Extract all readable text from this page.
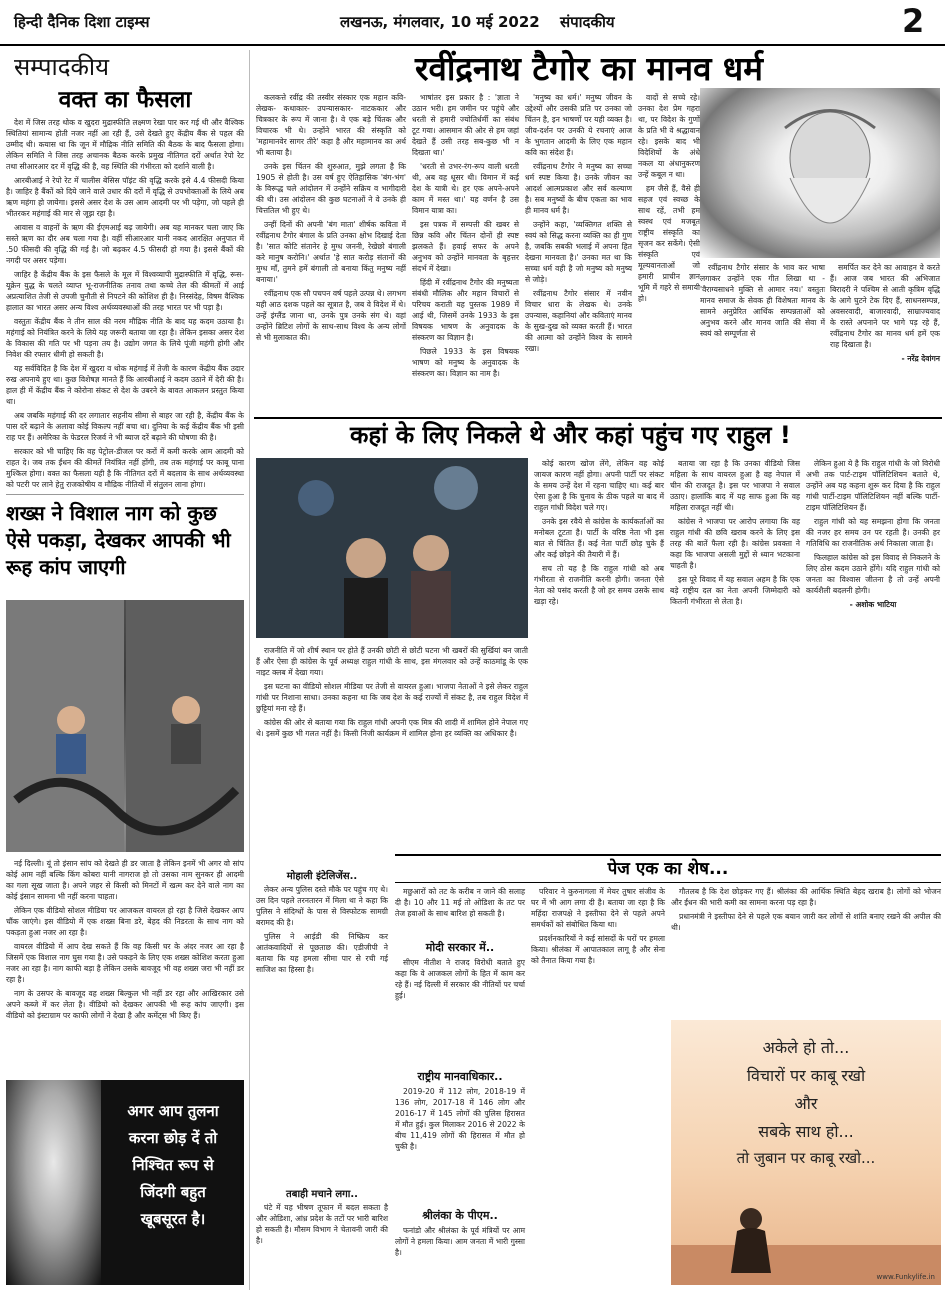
हिन्दी दैनिक दिशा टाइम्स	लखनऊ, मंगलवार, 10 मई 2022 संपादकीय	2
सम्पादकीय
वक्त का फैसला

देश में जिस तरह थोक व खुदरा मुद्रास्फीति लक्ष्मण रेखा पार कर गई थी और वैश्विक स्थितियां सामान्य होती नजर नहीं आ रही हैं, उसे देखते हुए केंद्रीय बैंक से पहल की उम्मीद थी। कयास था कि जून में मौद्रिक नीति समिति की बैठक के बाद फैसला होगा। लेकिन समिति ने जिस तरह अचानक बैठक करके प्रमुख नीतिगत दरों अर्थात रेपो रेट तथा सीआरआर दर में वृद्धि की है, वह स्थिति की गंभीरता को दर्शाने वाली है।

आरबीआई ने रेपो रेट में चालीस बेसिस पॉइंट की वृद्धि करके इसे 4.4 फीसदी किया है। जाहिर है बैंकों को दिये जाने वाले उधार की दरों में वृद्धि से उपभोक्ताओं के लिये अब ऋण महंगा हो जायेगा। इससे असर देश के उस आम आदमी पर भी पड़ेगा, जो पहले ही भीतरकर महंगाई की मार से जूझ रहा है।

आवास व वाहनों के ऋण की ईएमआई बढ़ जायेगी। अब यह मानकर चला जाए कि सस्ते ऋण का दौर अब चला गया है। वहीं सीआरआर यानी नकद आरक्षित अनुपात में .50 फीसदी की वृद्धि की गई है। जो बढ़कर 4.5 फीसदी हो गया है। इससे बैंकों की नगदी पर असर पड़ेगा।

जाहिर है केंद्रीय बैंक के इस फैसले के मूल में विश्वव्यापी मुद्रास्फीति में वृद्धि, रूस-यूक्रेन युद्ध के चलते व्याप्त भू-राजनीतिक तनाव तथा कच्चे तेल की कीमतों में आई अप्रत्याशित तेजी से उपजी चुनौती से निपटने की कोशिश ही है। निस्संदेह, विषम वैश्विक हालात का भारत असर अन्य विश्व अर्थव्यवस्थाओं की तरह भारत पर भी पड़ा है।

वस्तुतः केंद्रीय बैंक ने तीन साल की नरम मौद्रिक नीति के बाद यह कदम उठाया है। महंगाई को नियंत्रित करने के लिये यह जरूरी बताया जा रहा है। लेकिन इसका असर देश के विकास की गति पर भी पड़ना तय है। उद्योग जगत के लिये पूंजी महंगी होगी और निवेश की रफ्तार धीमी हो सकती है।

यह सर्वविदित है कि देश में खुदरा व थोक महंगाई में तेजी के कारण केंद्रीय बैंक उदार रुख अपनाये हुए था। कुछ विशेषज्ञ मानते हैं कि आरबीआई ने कदम उठाने में देरी की है। हाल ही में केंद्रीय बैंक ने कोरोना संकट से देश के उबरने के बावत आकलन प्रस्तुत किया था।

अब जबकि महंगाई की दर लगातार सहनीय सीमा से बाहर जा रही है, केंद्रीय बैंक के पास दरें बढ़ाने के अलावा कोई विकल्प नहीं बचा था। दुनिया के कई केंद्रीय बैंक भी इसी राह पर हैं। अमेरिका के फेडरल रिजर्व ने भी ब्याज दरें बढ़ाने की घोषणा की है।

सरकार को भी चाहिए कि वह पेट्रोल-डीजल पर करों में कमी करके आम आदमी को राहत दे। जब तक ईंधन की कीमतें नियंत्रित नहीं होंगी, तब तक महंगाई पर काबू पाना मुश्किल होगा। वक्त का फैसला यही है कि नीतिगत दरों में बदलाव के साथ अर्थव्यवस्था को पटरी पर लाने हेतु राजकोषीय व मौद्रिक नीतियों में संतुलन लाना होगा।

शख्स ने विशाल नाग को कुछ ऐसे पकड़ा, देखकर आपकी भी रूह कांप जाएगी

नई दिल्ली। यूं तो इंसान सांप को देखते ही डर जाता है लेकिन इनमें भी अगर वो सांप कोई आम नहीं बल्कि किंग कोबरा यानी नागराज हो तो उसका नाम सुनकर ही आदमी का गला सूख जाता है। अपने जहर से किसी को मिनटों में खत्म कर देने वाले नाग का कोई इंसान सामना भी नहीं करना चाहता।

लेकिन एक वीडियो सोशल मीडिया पर आजकल वायरल हो रहा है जिसे देखकर आप चौंक जाएंगे। इस वीडियो में एक शख्स बिना डरे, बेहद की निडरता के साथ नाग को पकड़ता हुआ नजर आ रहा है।

वायरल वीडियो में आप देख सकते हैं कि वह किसी घर के अंदर नजर आ रहा है जिसमें एक विशाल नाग घुस गया है। उसे पकड़ने के लिए एक शख्स कोशिश करता हुआ नजर आ रहा है। नाग काफी बड़ा है लेकिन उसके बावजूद भी वह शख्स जरा भी नहीं डर रहा है।

नाग के उसपर के बावजूद वह शख्स बिल्कुल भी नहीं डर रहा और आखिरकार उसे अपने कब्जे में कर लेता है। वीडियो को देखकर आपकी भी रूह कांप जाएगी। इस वीडियो को इंस्टाग्राम पर काफी लोगों ने देखा है और कमेंट्स भी किए हैं।

अगर आप तुलना
करना छोड़ दें तो
निश्चित रूप से
जिंदगी बहुत
खूबसूरत है।
रवींद्रनाथ टैगोर का मानव धर्म

कलकत्ते रवींद्र की तस्वीर संस्कार एक महान कवि- लेखक- कथाकार- उपन्यासकार- नाटककार और चित्रकार के रूप में जाना है। वे एक बड़े चिंतक और विचारक भी थे। उन्होंने भारत की संस्कृति को 'महामानवेर सागर तीरे' कहा है और महामानव का अर्थ भी बताया है।

उनके इस चिंतन की शुरुआत, मुझे लगता है कि 1905 से होती है। उस वर्ष हुए ऐतिहासिक 'बंग-भंग' के विरूद्ध चले आंदोलन में उन्होंने सक्रिय व भागीदारी की थी। उस आंदोलन की कुछ घटनाओं ने वे उनके ही चित्ततिल भी हुए थे।

उन्हीं दिनों की अपनी 'बंग माता' शीर्षक कविता में रवींद्रनाथ टैगोर बंगाल के प्रति उनका क्षोभ दिखाई देता है। 'सात कोटि संतानेर हे मुग्ध जननी, रेखेछो बंगाली करे मानुष करोनि।' अर्थात 'हे सात करोड़ संतानों की मुग्ध माँ, तुमने हमें बंगाली तो बनाया किंतु मनुष्य नहीं बनाया।'

रवींद्रनाथ एक सौ पचपन वर्ष पहले उत्पन्न थे। लगभग यही आठ दशक पहले का सूत्रात है, जब वे विदेश में थे। उन्हें इंग्लैंड जाना था, उनके पुत्र उनके संग थे। वहां उन्होंने ब्रिटिश लोगों के साथ-साथ विश्व के अन्य लोगों से भी मुलाकात की।

भाषांतर इस प्रकार है : 'ज्ञाता ने उठान भरी। हम जमीन पर पहुंचे और धरती से हमारी ज्योतिर्धर्मी का संबंध टूट गया। आसमान की ओर से हम जहां देखते हैं उसी तरह सब-कुछ भी न दिखता था।'

'धरती से उभर-रंग-रूप वाली धरती थी, अब वह धूसर थी। विमान में कई देश के यात्री थे। हर एक अपने-अपने काम में मस्त था।' यह वर्णन है उस विमान यात्रा का।

इस पत्रक में सम्पत्ती की खबर से छिन्न कवि और चिंतन दोनों ही स्पष्ट झलकते हैं। हवाई सफर के अपने अनुभव को उन्होंने मानवता के बृहत्तर संदर्भ में देखा।

हिंदी में रवींद्रनाथ टैगोर की मनुष्यता संबंधी मौलिक और महान विचारों से परिचय कराती यह पुस्तक 1989 में आई थी, जिसमें उनके 1933 के इस विषयक भाषण के अनुवादक के संस्करण का विज्ञान है।

पिछले 1933 के इस विषयक भाषण को मनुष्य के अनुवादक के संस्करण का। विज्ञान का नाम है।

'मनुष्य का धर्म।' मनुष्य जीवन के उद्देश्यों और उसकी प्रति पर उनका जो चिंतन है, इन भाषणों पर यही व्यक्त है। जीव-दर्शन पर उनकी ये रचनाएं आज के भुगतान आदमी के लिए एक महान कवि का संदेश हैं।

रवींद्रनाथ टैगोर ने मनुष्य का सच्चा धर्म स्पष्ट किया है। उनके जीवन का आदर्श आत्मप्रकाश और सर्व कल्याण है। सब मनुष्यों के बीच एकता का भाव ही मानव धर्म है।

उन्होंने कहा, 'व्यक्तिगत शक्ति से स्वयं को सिद्ध करना व्यक्ति का ही गुण है, जबकि सबकी भलाई में अपना हित देखना मानवता है।' उनका मत था कि सच्चा धर्म वही है जो मनुष्य को मनुष्य से जोड़े।

रवींद्रनाथ टैगोर संसार में नवीन विचार धारा के लेखक थे। उनके उपन्यास, कहानियां और कविताएं मानव के सुख-दुख को व्यक्त करती हैं। भारत की आत्मा को उन्होंने विश्व के सामने रखा।

वादों से सच्चे रहे। उनका देश प्रेम गहरा था, पर विदेश के गुणों के प्रति भी वे श्रद्धावान रहे। इसके बाद भी विदेशियों के अंधे नकल या अंधानुकरण उन्हें कबूल न था।

हम जैसे हैं, वैसे ही सहज एवं स्वच्छ के साथ रहें, तभी हम स्वस्थ एवं मजबूत राष्ट्रीय संस्कृति का सृजन कर सकेंगे। ऐसी संस्कृति एवं मूल्यवानताओं जो हमारी प्राचीन ज्ञान भूमि में गहरे से समायी हो।

रवींद्रनाथ टैगोर संसार के भाव कर भाषा लगाकर उन्होंने एक गीत लिखा था - 'वैराग्यसाधने मुक्ति से आमार नय।' वस्तुतः मानव समाज के सेवक ही विशेषता मानव के सामने अनुप्रेरित आर्थिक सम्पन्नताओं को अनुभव करने और मानव जाति की सेवा में स्वयं को सम्पूर्णता से

समर्पित कर देने का आवाहन वे करते हैं। आज जब भारत की अभिजात बिरादरी ने पश्चिम से आती कृत्रिम वृद्धि के आगे घुटने टेक दिए हैं, साधनसम्पन्न, अवसरवादी, बाजारवादी, साम्राज्यवाद के रास्ते अपनाने पर भागे पड़ रहे हैं, रवींद्रनाथ टैगोर का मानव धर्म हमें एक राह दिखाता है।

- नरेंद्र देवांगन
कहां के लिए निकले थे और कहां पहुंच गए राहुल !

राजनीति में जो शीर्ष स्थान पर होते हैं उनकी छोटी से छोटी घटना भी खबरों की सुर्खियां बन जाती हैं और ऐसा ही कांग्रेस के पूर्व अध्यक्ष राहुल गांधी के साथ, इस मंगलवार को उन्हें काठमांडू के एक नाइट क्लब में देखा गया।

इस घटना का वीडियो सोशल मीडिया पर तेजी से वायरल हुआ। भाजपा नेताओं ने इसे लेकर राहुल गांधी पर निशाना साधा। उनका कहना था कि जब देश के कई राज्यों में संकट है, तब राहुल विदेश में छुट्टियां मना रहे हैं।

कांग्रेस की ओर से बताया गया कि राहुल गांधी अपनी एक मित्र की शादी में शामिल होने नेपाल गए थे। इसमें कुछ भी गलत नहीं है। किसी निजी कार्यक्रम में शामिल होना हर व्यक्ति का अधिकार है।

कोई कारण खोज लेंगे, लेकिन वह कोई जायज कारण नहीं होगा। अपनी पार्टी पर संकट के समय उन्हें देश में रहना चाहिए था। कई बार ऐसा हुआ है कि चुनाव के ठीक पहले या बाद में राहुल गांधी विदेश चले गए।

उनके इस रवैये से कांग्रेस के कार्यकर्ताओं का मनोबल टूटता है। पार्टी के वरिष्ठ नेता भी इस बात से चिंतित हैं। कई नेता पार्टी छोड़ चुके हैं और कई छोड़ने की तैयारी में हैं।

सच तो यह है कि राहुल गांधी को अब गंभीरता से राजनीति करनी होगी। जनता ऐसे नेता को पसंद करती है जो हर समय उसके साथ खड़ा रहे।

बताया जा रहा है कि उनका वीडियो जिस महिला के साथ वायरल हुआ है वह नेपाल में चीन की राजदूत है। इस पर भाजपा ने सवाल उठाए। हालांकि बाद में यह साफ हुआ कि वह महिला राजदूत नहीं थी।

कांग्रेस ने भाजपा पर आरोप लगाया कि वह राहुल गांधी की छवि खराब करने के लिए इस तरह की बातें फैला रही है। कांग्रेस प्रवक्ता ने कहा कि भाजपा असली मुद्दों से ध्यान भटकाना चाहती है।

इस पूरे विवाद में यह सवाल अहम है कि एक बड़े राष्ट्रीय दल का नेता अपनी जिम्मेदारी को कितनी गंभीरता से लेता है।

लेकिन हुआ ये है कि राहुल गांधी के जो विरोधी अभी तक पार्ट-टाइम पॉलिटिशियन बताते थे, उन्होंने अब यह कहना शुरू कर दिया है कि राहुल गांधी पार्टी-टाइम पॉलिटिशियन नहीं बल्कि पार्टी-टाइम पॉलिटिशियन हैं।

राहुल गांधी को यह समझना होगा कि जनता की नजर हर समय उन पर रहती है। उनकी हर गतिविधि का राजनीतिक अर्थ निकाला जाता है।

फिलहाल कांग्रेस को इस विवाद से निकलने के लिए ठोस कदम उठाने होंगे। यदि राहुल गांधी को जनता का विश्वास जीतना है तो उन्हें अपनी कार्यशैली बदलनी होगी।

- अशोक भाटिया
मोहाली इंटेलिजेंस..

लेकर अन्य पुलिस दस्ते मौके पर पहुंच गए थे। उस दिन पहले तरनतारन में मिला था ने कहा कि पुलिस ने संदिग्धों के पास से विस्फोटक सामग्री बरामद की है।

पुलिस ने आईडी की निष्क्रिय कर आतंकवादियों से पूछताछ की। एडीजीपी ने बताया कि यह हमला सीमा पार से रची गई साजिश का हिस्सा है।

तबाही मचाने लगा..

घंटे में यह भीषण तूफान में बदल सकता है और ओडिशा, आंध्र प्रदेश के तटों पर भारी बारिश हो सकती है। मौसम विभाग ने चेतावनी जारी की है।

पेज एक का शेष...

मछुआरों को तट के करीब न जाने की सलाह दी है। 10 और 11 मई तो ओडिशा के तट पर तेज हवाओं के साथ बारिश हो सकती है।

मोदी सरकार में..

सीएम नीतीश ने राजद विरोधी बताते हुए कहा कि वे आजकल लोगों के हित में काम कर रहे हैं। नई दिल्ली में सरकार की नीतियों पर चर्चा हुई।

राष्ट्रीय मानवाधिकार..

2019-20 में 112 लोग, 2018-19 में 136 लोग, 2017-18 में 146 लोग और 2016-17 में 145 लोगों की पुलिस हिरासत में मौत हुई। कुल मिलाकर 2016 से 2022 के बीच 11,419 लोगों की हिरासत में मौत हो चुकी है।

श्रीलंका के पीएम..

फनांडो और श्रीलंका के पूर्व मंत्रियों पर आम लोगों ने हमला किया। आम जनता में भारी गुस्सा है।

परिवार ने कुरुनागला में मेयर तुषार संजीव के घर में भी आग लगा दी है। बताया जा रहा है कि महिंदा राजपक्षे ने इस्तीफा देने से पहले अपने समर्थकों को संबोधित किया था।

प्रदर्शनकारियों ने कई सांसदों के घरों पर हमला किया। श्रीलंका में आपातकाल लागू है और सेना को तैनात किया गया है।

गौतलब है कि देश छोड़कर गए हैं। श्रीलंका की आर्थिक स्थिति बेहद खराब है। लोगों को भोजन और ईंधन की भारी कमी का सामना करना पड़ रहा है।

प्रधानमंत्री ने इस्तीफा देने से पहले एक बयान जारी कर लोगों से शांति बनाए रखने की अपील की थी।

अकेले हो तो...
विचारों पर काबू रखो
और
सबके साथ हो...
तो जुबान पर काबू रखो...
www.Funkylife.in
